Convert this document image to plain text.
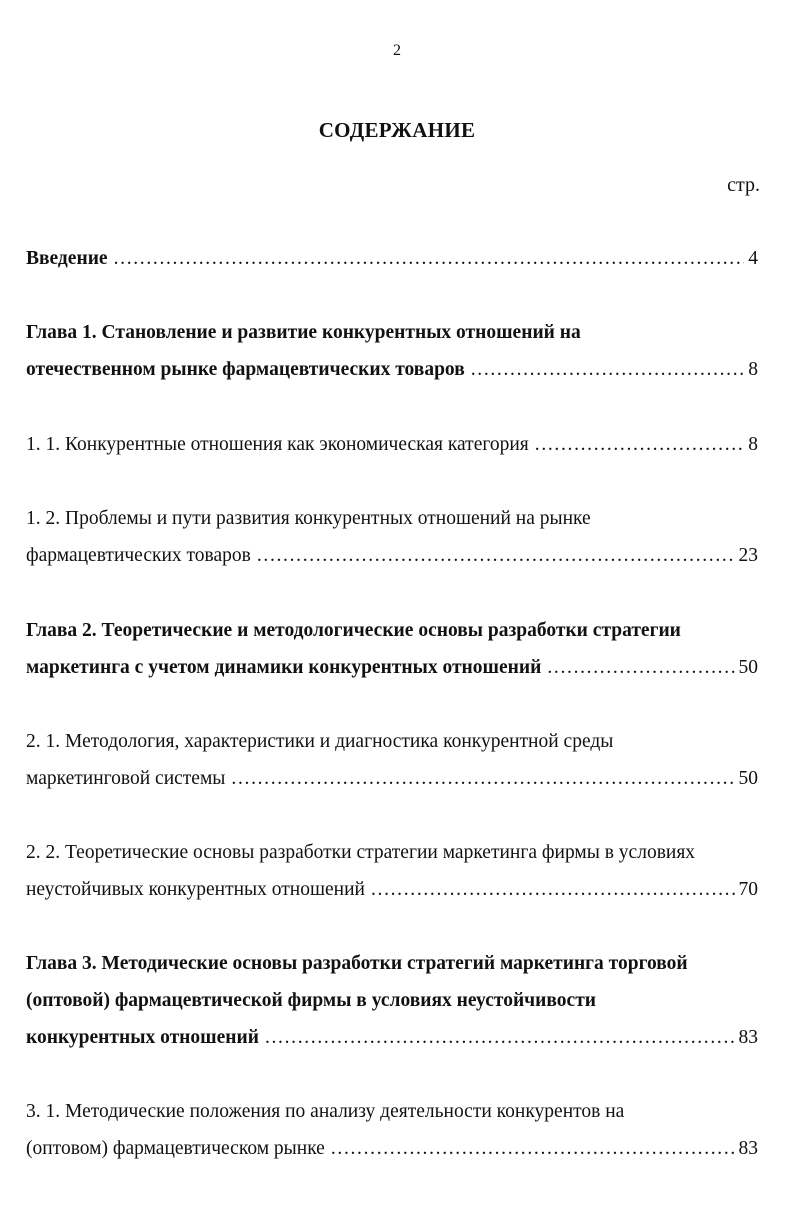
2
СОДЕРЖАНИЕ
стр.
Введение . . .	4
Глава 1. Становление и развитие конкурентных отношений на
отечественном рынке фармацевтических товаров . . .	8
1. 1. Конкурентные отношения как экономическая категория . . .	8
1. 2. Проблемы и пути развития конкурентных отношений на рынке
фармацевтических товаров . . .	23
Глава 2. Теоретические и методологические основы разработки стратегии
маркетинга с учетом динамики конкурентных отношений . . .	50
2. 1. Методология, характеристики и диагностика конкурентной среды
маркетинговой системы . . .	50
2. 2. Теоретические основы разработки стратегии маркетинга фирмы в условиях
неустойчивых конкурентных отношений . . .	70
Глава 3. Методические основы разработки стратегий маркетинга торговой
(оптовой) фармацевтической фирмы в условиях неустойчивости
конкурентных отношений . . .	83
3. 1. Методические положения по анализу деятельности конкурентов на
(оптовом) фармацевтическом рынке . . .	83
